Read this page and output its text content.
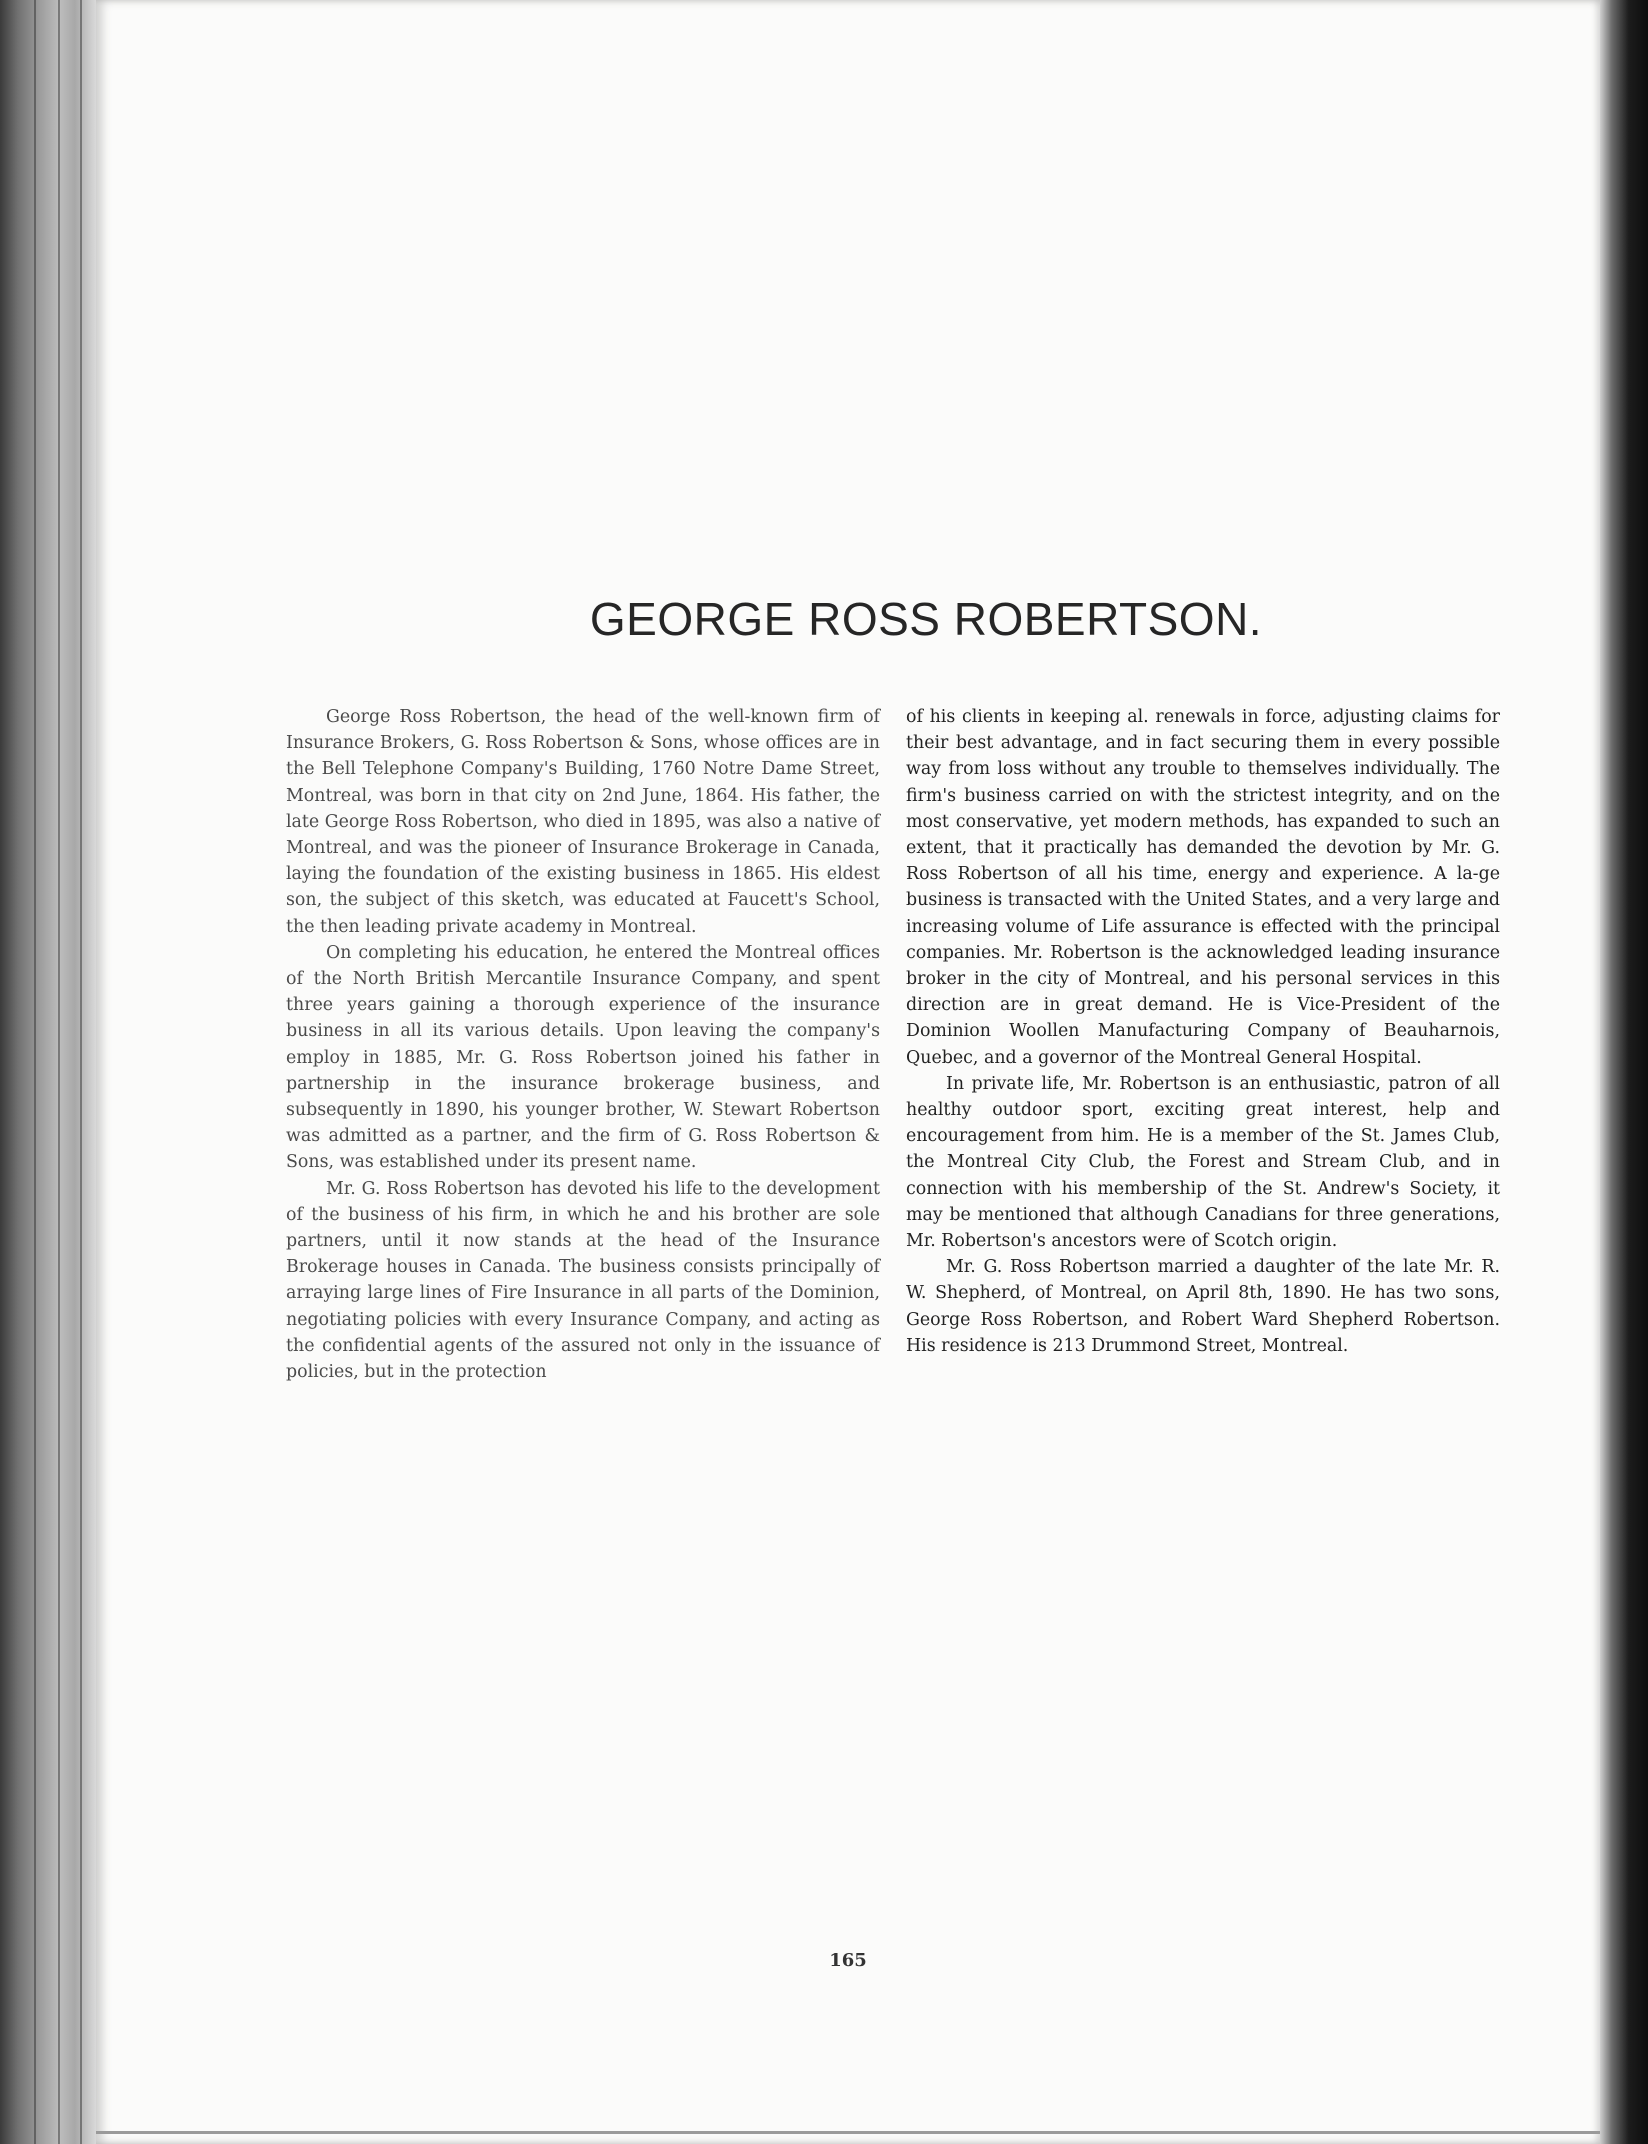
GEORGE ROSS ROBERTSON.

George Ross Robertson, the head of the well-known firm of Insurance Brokers, G. Ross Robertson & Sons, whose offices are in the Bell Telephone Company's Building, 1760 Notre Dame Street, Montreal, was born in that city on 2nd June, 1864. His father, the late George Ross Robertson, who died in 1895, was also a native of Montreal, and was the pioneer of Insurance Brokerage in Canada, laying the foundation of the existing business in 1865. His eldest son, the subject of this sketch, was educated at Faucett's School, the then leading private academy in Montreal.

On completing his education, he entered the Montreal offices of the North British Mercantile Insurance Company, and spent three years gaining a thorough experience of the insurance business in all its various details. Upon leaving the company's employ in 1885, Mr. G. Ross Robertson joined his father in partnership in the insurance brokerage business, and subsequently in 1890, his younger brother, W. Stewart Robertson was admitted as a partner, and the firm of G. Ross Robertson & Sons, was established under its present name.

Mr. G. Ross Robertson has devoted his life to the development of the business of his firm, in which he and his brother are sole partners, until it now stands at the head of the Insurance Brokerage houses in Canada. The business consists principally of arraying large lines of Fire Insurance in all parts of the Dominion, negotiating policies with every Insurance Company, and acting as the confidential agents of the assured not only in the issuance of policies, but in the protection

of his clients in keeping al. renewals in force, adjusting claims for their best advantage, and in fact securing them in every possible way from loss without any trouble to themselves individually. The firm's business carried on with the strictest integrity, and on the most conservative, yet modern methods, has expanded to such an extent, that it practically has demanded the devotion by Mr. G. Ross Robertson of all his time, energy and experience. A la-ge business is transacted with the United States, and a very large and increasing volume of Life assurance is effected with the principal companies. Mr. Robertson is the acknowledged leading insurance broker in the city of Montreal, and his personal services in this direction are in great demand. He is Vice-President of the Dominion Woollen Manufacturing Company of Beauharnois, Quebec, and a governor of the Montreal General Hospital.

In private life, Mr. Robertson is an enthusiastic, patron of all healthy outdoor sport, exciting great interest, help and encouragement from him. He is a member of the St. James Club, the Montreal City Club, the Forest and Stream Club, and in connection with his membership of the St. Andrew's Society, it may be mentioned that although Canadians for three generations, Mr. Robertson's ancestors were of Scotch origin.

Mr. G. Ross Robertson married a daughter of the late Mr. R. W. Shepherd, of Montreal, on April 8th, 1890. He has two sons, George Ross Robertson, and Robert Ward Shepherd Robertson. His residence is 213 Drummond Street, Montreal.

165
